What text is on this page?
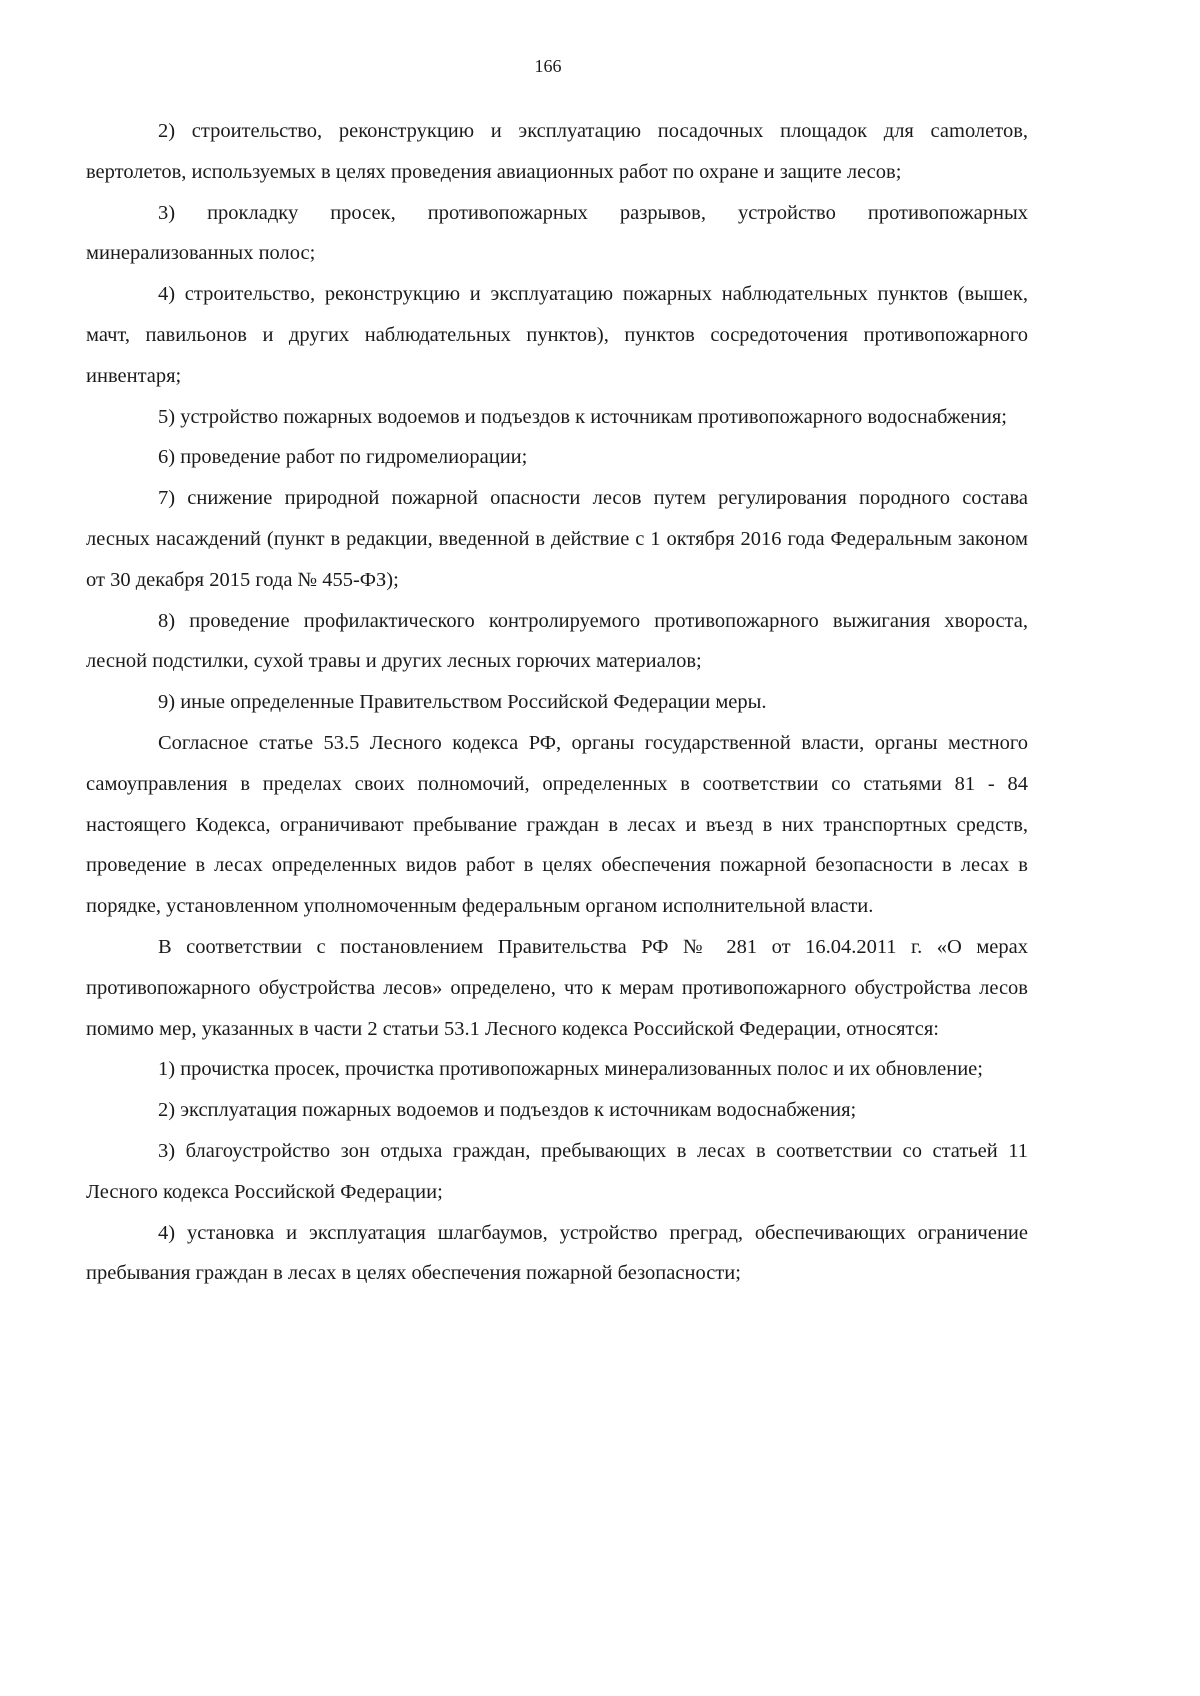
166

2) строительство, реконструкцию и эксплуатацию посадочных площадок для саmолетов, вертолетов, используемых в целях проведения авиационных работ по охране и защите лесов;

3) прокладку просек, противопожарных разрывов, устройство противопожарных минерализованных полос;

4) строительство, реконструкцию и эксплуатацию пожарных наблюдательных пунктов (вышек, мачт, павильонов и других наблюдательных пунктов), пунктов сосредоточения противопожарного инвентаря;

5) устройство пожарных водоемов и подъездов к источникам противопожарного водоснабжения;

6) проведение работ по гидромелиорации;

7) снижение природной пожарной опасности лесов путем регулирования породного состава лесных насаждений (пункт в редакции, введенной в действие с 1 октября 2016 года Федеральным законом от 30 декабря 2015 года № 455-ФЗ);

8) проведение профилактического контролируемого противопожарного выжигания хвороста, лесной подстилки, сухой травы и других лесных горючих материалов;

9) иные определенные Правительством Российской Федерации меры.

Согласное статье 53.5 Лесного кодекса РФ, органы государственной власти, органы местного самоуправления в пределах своих полномочий, определенных в соответствии со статьями 81 - 84 настоящего Кодекса, ограничивают пребывание граждан в лесах и въезд в них транспортных средств, проведение в лесах определенных видов работ в целях обеспечения пожарной безопасности в лесах в порядке, установленном уполномоченным федеральным органом исполнительной власти.

В соответствии с постановлением Правительства РФ № 281 от 16.04.2011 г. «О мерах противопожарного обустройства лесов» определено, что к мерам противопожарного обустройства лесов помимо мер, указанных в части 2 статьи 53.1 Лесного кодекса Российской Федерации, относятся:

1) прочистка просек, прочистка противопожарных минерализованных полос и их обновление;

2) эксплуатация пожарных водоемов и подъездов к источникам водоснабжения;

3) благоустройство зон отдыха граждан, пребывающих в лесах в соответствии со статьей 11 Лесного кодекса Российской Федерации;

4) установка и эксплуатация шлагбаумов, устройство преград, обеспечивающих ограничение пребывания граждан в лесах в целях обеспечения пожарной безопасности;
